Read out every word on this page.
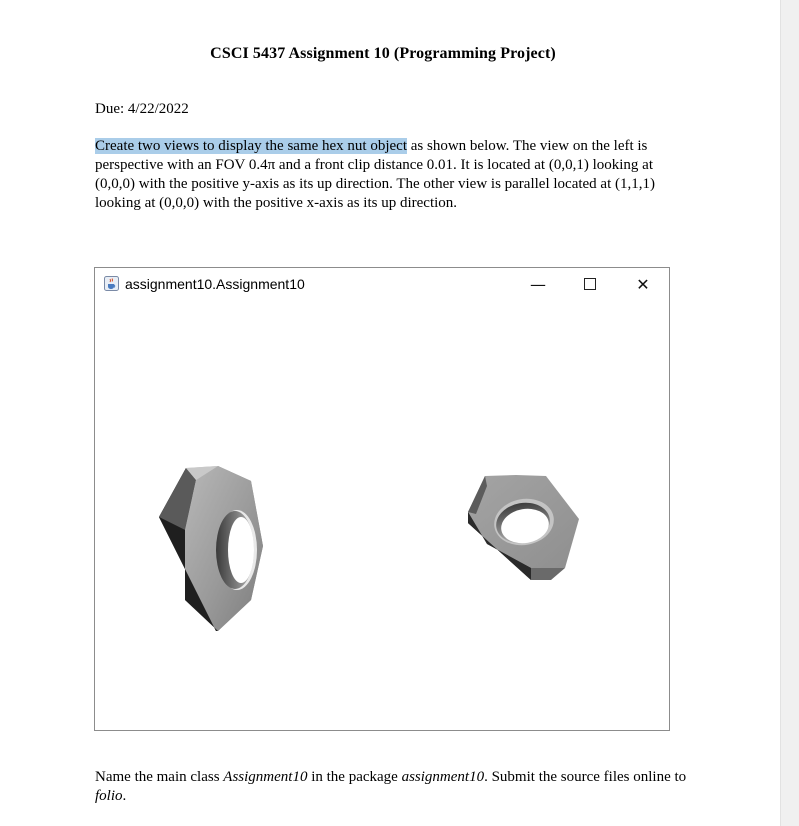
CSCI 5437 Assignment 10 (Programming Project)
Due: 4/22/2022
Create two views to display the same hex nut object as shown below. The view on the left is perspective with an FOV 0.4π and a front clip distance 0.01. It is located at (0,0,1) looking at (0,0,0) with the positive y-axis as its up direction. The other view is parallel located at (1,1,1) looking at (0,0,0) with the positive x-axis as its up direction.
assignment10.Assignment10	—	✕
Name the main class Assignment10 in the package assignment10. Submit the source files online to folio.
